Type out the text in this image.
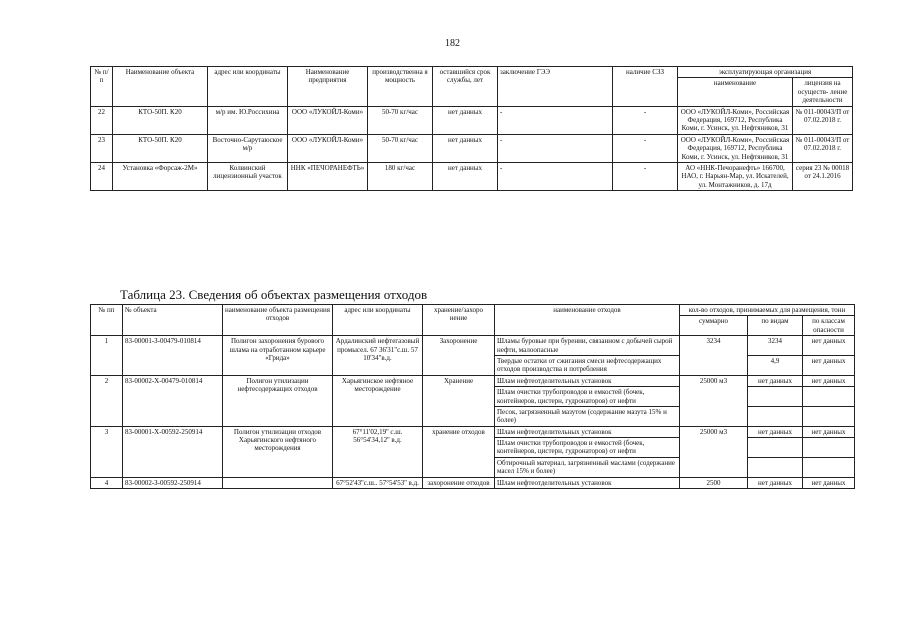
182
№ п/ п	Наименование объекта	адрес или координаты	Наименование предприятия	производственна я мощность	оставшийся срок службы, лет	заключение ГЭЭ	наличие СЗЗ	эксплуатирующая организация	
								наименование	лицензия на осуществ- ление деятельности
22	КТО-50П. К20	м/р им. Ю.Россихина	ООО «ЛУКОЙЛ-Коми»	50-70 кг/час	нет данных	-	-	ООО «ЛУКОЙЛ-Коми», Российская Федерация, 169712, Республика Коми, г. Усинск, ул. Нефтяников, 31	№ 011-00043/П от 07.02.2018 г.
23	КТО-50П. К20	Восточно-Сарутаюское м/р	ООО «ЛУКОЙЛ-Коми»	50-70 кг/час	нет данных	-	-	ООО «ЛУКОЙЛ-Коми», Российская Федерация, 169712, Республика Коми, г. Усинск, ул. Нефтяников, 31	№ 011-00043/П от 07.02.2018 г.
24	Установка «Форсаж-2М»	Колвинский лицензионный участок	ННК «ПЕЧОРАНЕФТЬ»	180 кг/час	нет данных	-	-	АО «ННК-Печоранефть» 166700, НАО, г. Нарьян-Мар, ул. Искателей, ул. Монтажников, д. 17д	серия 23 № 00018 от 24.1.2016
Таблица 23. Сведения об объектах размещения отходов
№ пп	№ объекта	наименование объекта размещения отходов	адрес или координаты	хранение/захоро нение	наименование отходов	кол-во отходов, принимаемых для размещения, тонн		
						суммарно	по видам	по классам опасности
1	83-00001-З-00479-010814	Полигон захоронения бурового шлама на отработанном карьере «Грида»	Ардалинский нефтегазовый промысел. 67 36'31"с.ш. 57 10'34"в.д.	Захоронение	Шламы буровые при бурении, связанном с добычей сырой нефти, малоопасные	3234	3234	нет данных
					Твердые остатки от сжигания смеси нефтесодержащих отходов производства и потребления		4,9	нет данных
2	83-00002-Х-00479-010814	Полигон утилизации нефтесодержащих отходов	Харьягинское нефтяное месторождение	Хранение	Шлам нефтеотделительных установок	25000 м3	нет данных	нет данных
					Шлам очистки трубопроводов и емкостей (бочек, контейнеров, цистерн, гудронаторов) от нефти			
					Песок, загрязненный мазутом (содержание мазута 15% и более)			
3	83-00001-Х-00592-250914	Полигон утилизации отходов Харьягинского нефтяного месторождения	67°11'02,19'' с.ш. 56°54'34,12'' в.д.	хранение отходов	Шлам нефтеотделительных установок	25000 м3	нет данных	нет данных
					Шлам очистки трубопроводов и емкостей (бочек, контейнеров, цистерн, гудронаторов) от нефти			
					Обтирочный материал, загрязненный маслами (содержание масел 15% и более)			
4	83-00002-З-00592-250914		67°52'43''с.ш.. 57°54'53'' в.д.	захоронение отходов	Шлам нефтеотделительных установок	2500	нет данных	нет данных
